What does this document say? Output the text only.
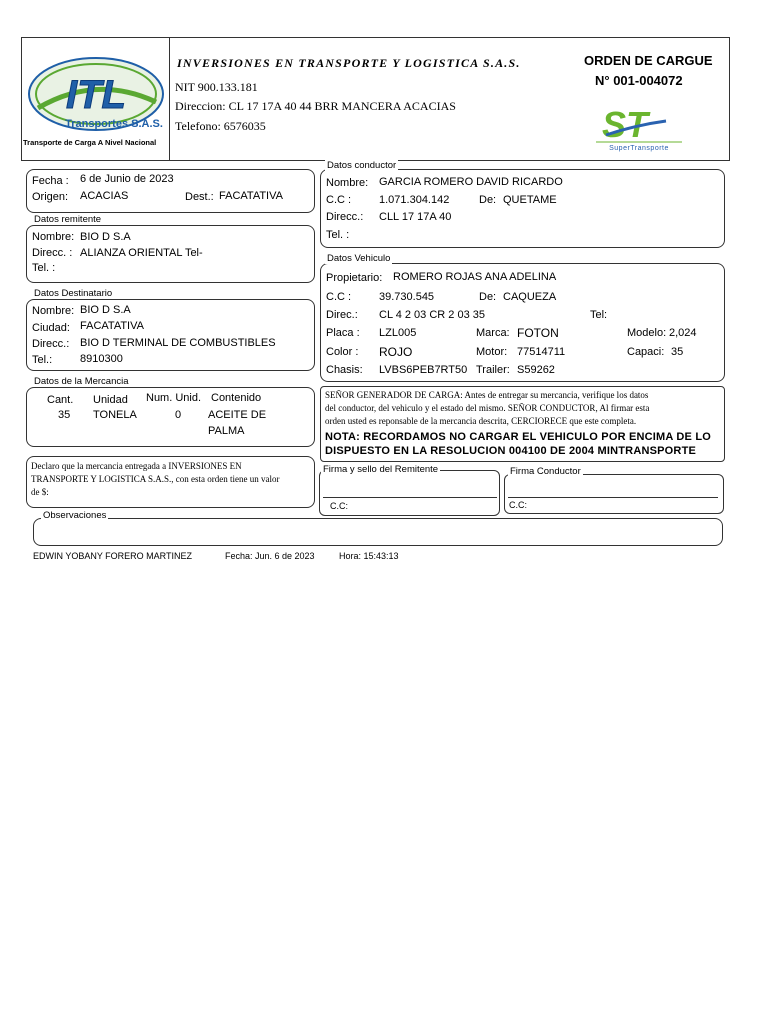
ITL
Transportes S.A.S.
Transporte de Carga A Nivel Nacional
INVERSIONES EN TRANSPORTE Y LOGISTICA S.A.S.
NIT 900.133.181
Direccion: CL 17 17A 40 44 BRR MANCERA ACACIAS
Telefono: 6576035
ORDEN DE CARGUE
N° 001-004072
ST
SuperTransporte
Fecha : 6 de Junio de 2023
Origen: ACACIAS	Dest.: FACATATIVA
Datos remitente
Nombre: BIO D S.A
Direcc. : ALIANZA ORIENTAL Tel-
Tel. :
Datos Destinatario
Nombre: BIO D S.A
Ciudad: FACATATIVA
Direcc.: BIO D TERMINAL DE COMBUSTIBLES
Tel.:	8910300
Datos de la Mercancia
Cant. Unidad Num. Unid. Contenido
35 TONELA	0 ACEITE DE
PALMA
Declaro que la mercancia entregada a INVERSIONES EN
TRANSPORTE Y LOGISTICA S.A.S., con esta orden tiene un valor
de $:
Datos conductor
Nombre: GARCIA ROMERO DAVID RICARDO
C.C :	1.071.304.142	De: QUETAME
Direcc.: CLL 17 17A 40
Tel. :
Datos Vehiculo
Propietario: ROMERO ROJAS ANA ADELINA
C.C :	39.730.545	De: CAQUEZA
Direc.: CL 4 2 03 CR 2 03 35	Tel:
Placa : LZL005	Marca: FOTON	Modelo: 2,024
Color : ROJO	Motor: 77514711	Capaci: 35
Chasis: LVBS6PEB7RT50 Trailer: S59262
SEÑOR GENERADOR DE CARGA: Antes de entregar su mercancia, verifique los datos
del conductor, del vehiculo y el estado del mismo. SEÑOR CONDUCTOR, Al firmar esta
orden usted es reponsable de la mercancia descrita, CERCIORECE que este completa.
NOTA: RECORDAMOS NO CARGAR EL VEHICULO POR ENCIMA DE LO
DISPUESTO EN LA RESOLUCION 004100 DE 2004 MINTRANSPORTE
Firma y sello del Remitente
C.C:
Firma Conductor
C.C:
Observaciones
EDWIN YOBANY FORERO MARTINEZ	Fecha: Jun. 6 de 2023	Hora: 15:43:13
